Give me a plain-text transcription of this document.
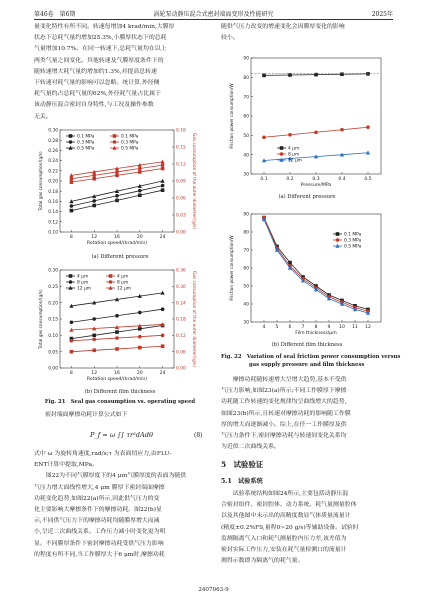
第46卷　第6期	涡轮泵动静压混合式密封端面变形及性能研究	2025年

量变化特性有所不同。转速每增加4 krad/min,大膜厚

状态下总耗气量约增加25.3%,小膜厚状态下的总耗

气量增加10.7%。在同一转速下,总耗气量均在以上

两类气量之间变化。其他转速及气膜厚度条件下的

随转速增大耗气量约增加约1.3%,对提高总转速

下转速对耗气量的影响可以忽略。统计算,外径侧

耗气量约占总耗气量的62%,外径耗气量占比属于

该动静压混合密封自身特性,与工况及操作参数

无关。

8	12	16	20	24
0.10
0.12
0.14
0.16
0.18
0.20
0.22
0.24
0.26
0.28
0.30
0.00
0.03
0.06
0.09
0.12
0.15
0.18
Gas consumption of the outer diameter/(g/s)
Rotation speed/(krad/min)
Total gas consumption/(g/s)
0.1 MPa
0.3 MPa
0.5 MPa
0.1 MPa
0.3 MPa
0.5 MPa
(a) Different pressure
8	12	16	20	24
0.00
0.05
0.10
0.15
0.20
0.25
0.30
0.00
0.06
0.12
0.18
0.24
0.30
0.36 Gas consumption of the outer diameter/(g/s)
Rotation speed/(krad/min)
Total gas consumption/(g/s)
4 μm
8 μm
12 μm
4 μm
8 μm
12 μm
(b) Different film thickness
Fig. 21　Seal gas consumption vs. operating speed

密封端面摩擦功耗计算公式如下

P_f = ω ∫∫ τr²dAdθ	(8)

式中 ω 为旋转角速度,rad/s;τ 为表面切应力,由FLU-

ENT计算中提取,MPa。

　　图22为不同气膜厚度下的4 μm气膜厚度的表面为随供

气压力增大面线性增大,4 μm 膜厚下密封端面摩擦

功耗变化趋势,如图22(a)所示,因此供气压力的变

化主要影响大摩擦条件下的摩擦功耗。图22(b)显

示,不同供气压力下的摩擦功耗均随膜厚增大而减

小,呈近二次曲线关系。工作压力减小时变化更为明

显。不同膜厚条件下密封摩擦功耗受供气压力影响

的程度有所不同,当工作膜厚大于6 μm时,摩擦功耗

随供气压力改变的增速变化会因膜厚变化的影响

较小。

0.1	0.2	0.3	0.4	0.5
30
40
50
60
70
80
90
Pressure/MPa
Friction power consumption/W
4 μm
8 μm
12 μm
(a) Different pressure
4 5 6 7 8 9 10 11 12
30
40
50
60
70
80
90
Film thickness/μm
Friction power consumption/W
0.1 MPa
0.3 MPa
0.5 MPa
(b) Different film thickness
Fig. 22　Variation of seal friction power consumption versus
gas supply pressure and film thickness

　　摩擦功耗随转速增大呈增大趋势,基本不受供

气压力影响,如图23(a)所示;不同工作膜厚下摩擦

功耗随工作转速的变化规律均呈曲线增大的趋势,

如图23(b)所示,且转速对摩擦功耗的影响随工作膜

厚的增大而逐渐减小。综上,在任一工作膜厚及供

气压力条件下,密封摩擦功耗与转速间变化关系均

为近似二次曲线关系。

5　试验验证
5.1　试验系统

　　试验系统结构如图24所示,主要包括动静压混

合密封组件、密封腔体、动力系统、耗气量测量腔体

以及其他图中未示出的高精度数显气体质量流量计

(精度±0.2%FS,量程0~20 g/s)等辅助设备。试验时

监测隔离气入口和耗气测量腔内压力差,该差值为

密封实际工作压力,安装在耗气量检测口的流量计

测得示数即为隔离气的耗气量。

2407063-9
